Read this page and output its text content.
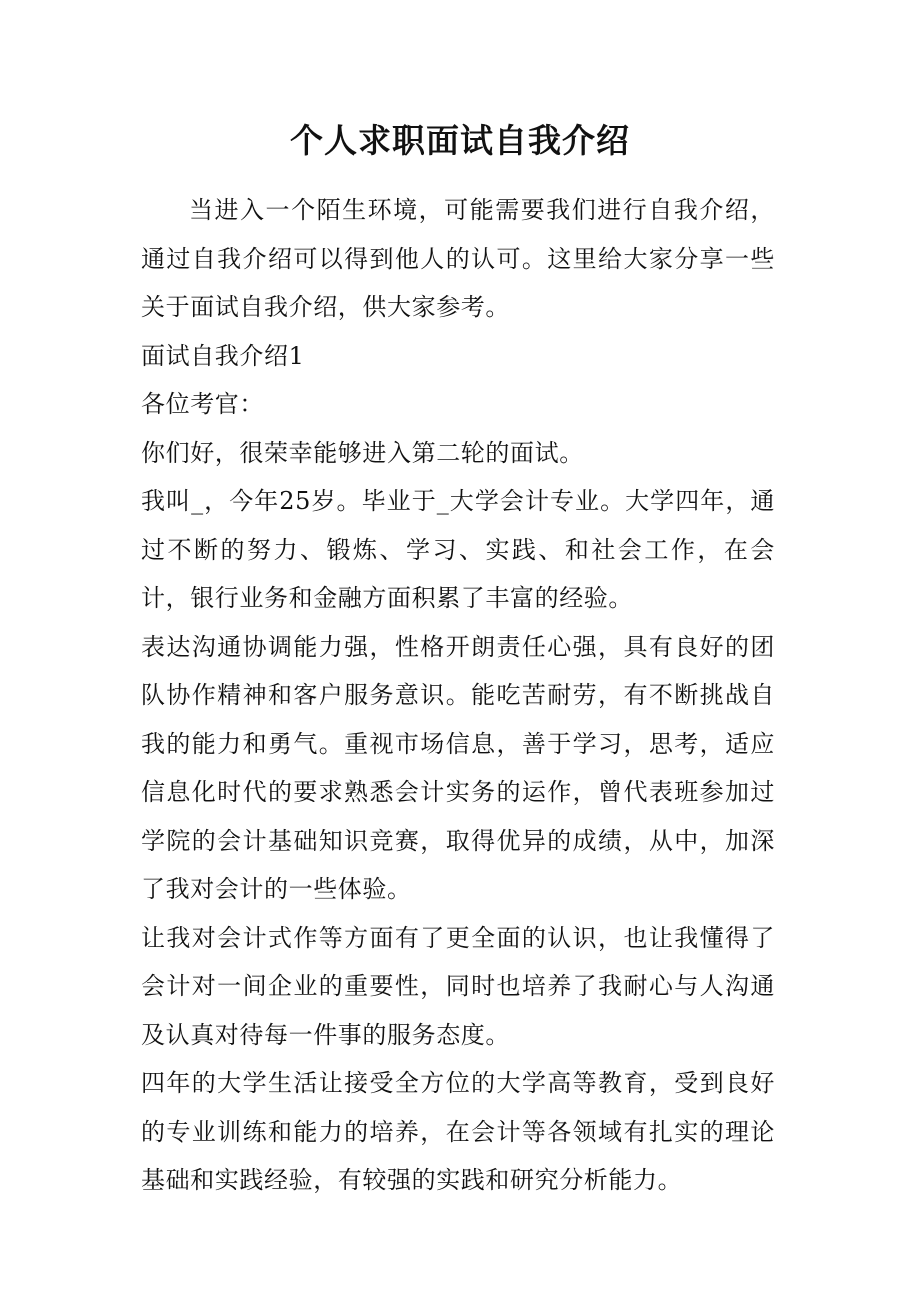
个人求职面试自我介绍

当进入一个陌生环境，可能需要我们进行自我介绍，通过自我介绍可以得到他人的认可。这里给大家分享一些关于面试自我介绍，供大家参考。

面试自我介绍1

各位考官：

你们好，很荣幸能够进入第二轮的面试。

我叫_，今年25岁。毕业于_大学会计专业。大学四年，通过不断的努力、锻炼、学习、实践、和社会工作，在会计，银行业务和金融方面积累了丰富的经验。

表达沟通协调能力强，性格开朗责任心强，具有良好的团队协作精神和客户服务意识。能吃苦耐劳，有不断挑战自我的能力和勇气。重视市场信息，善于学习，思考，适应信息化时代的要求熟悉会计实务的运作，曾代表班参加过学院的会计基础知识竞赛，取得优异的成绩，从中，加深了我对会计的一些体验。

让我对会计式作等方面有了更全面的认识，也让我懂得了会计对一间企业的重要性，同时也培养了我耐心与人沟通及认真对待每一件事的服务态度。

四年的大学生活让接受全方位的大学高等教育，受到良好的专业训练和能力的培养，在会计等各领域有扎实的理论基础和实践经验，有较强的实践和研究分析能力。
